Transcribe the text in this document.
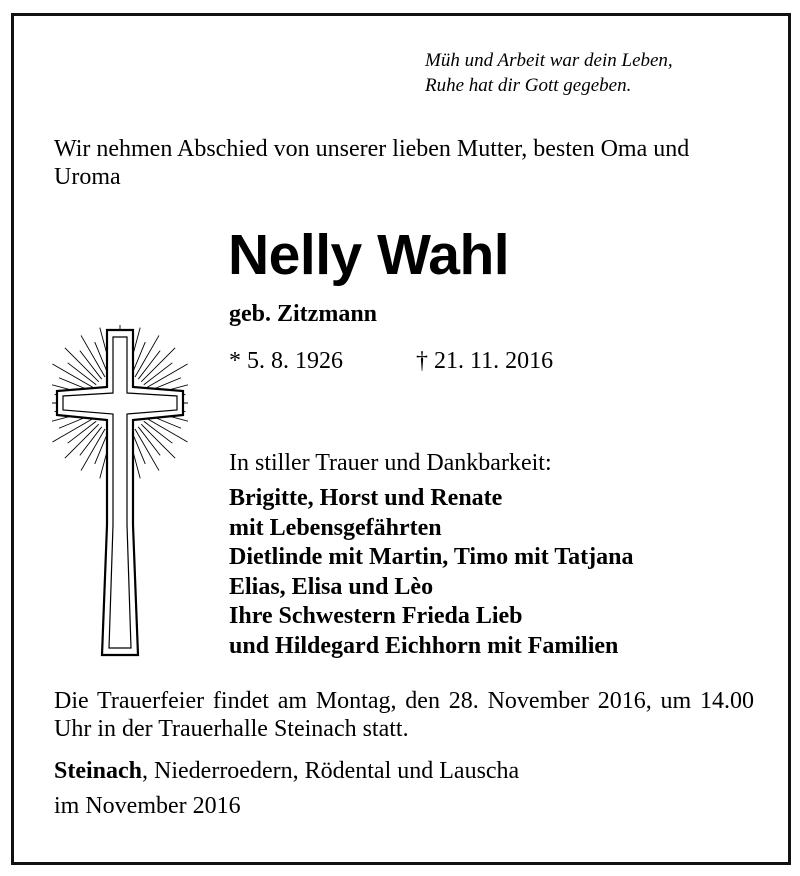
Müh und Arbeit war dein Leben,
Ruhe hat dir Gott gegeben.
Wir nehmen Abschied von unserer lieben Mutter, besten Oma und Uroma
Nelly Wahl
geb. Zitzmann
* 5. 8. 1926	† 21. 11. 2016
In stiller Trauer und Dankbarkeit:
Brigitte, Horst und Renate
mit Lebensgefährten
Dietlinde mit Martin, Timo mit Tatjana
Elias, Elisa und Lèo
Ihre Schwestern Frieda Lieb
und Hildegard Eichhorn mit Familien
Die Trauerfeier findet am Montag, den 28. November 2016, um 14.00 Uhr in der Trauerhalle Steinach statt.
Steinach, Niederroedern, Rödental und Lauscha
im November 2016
